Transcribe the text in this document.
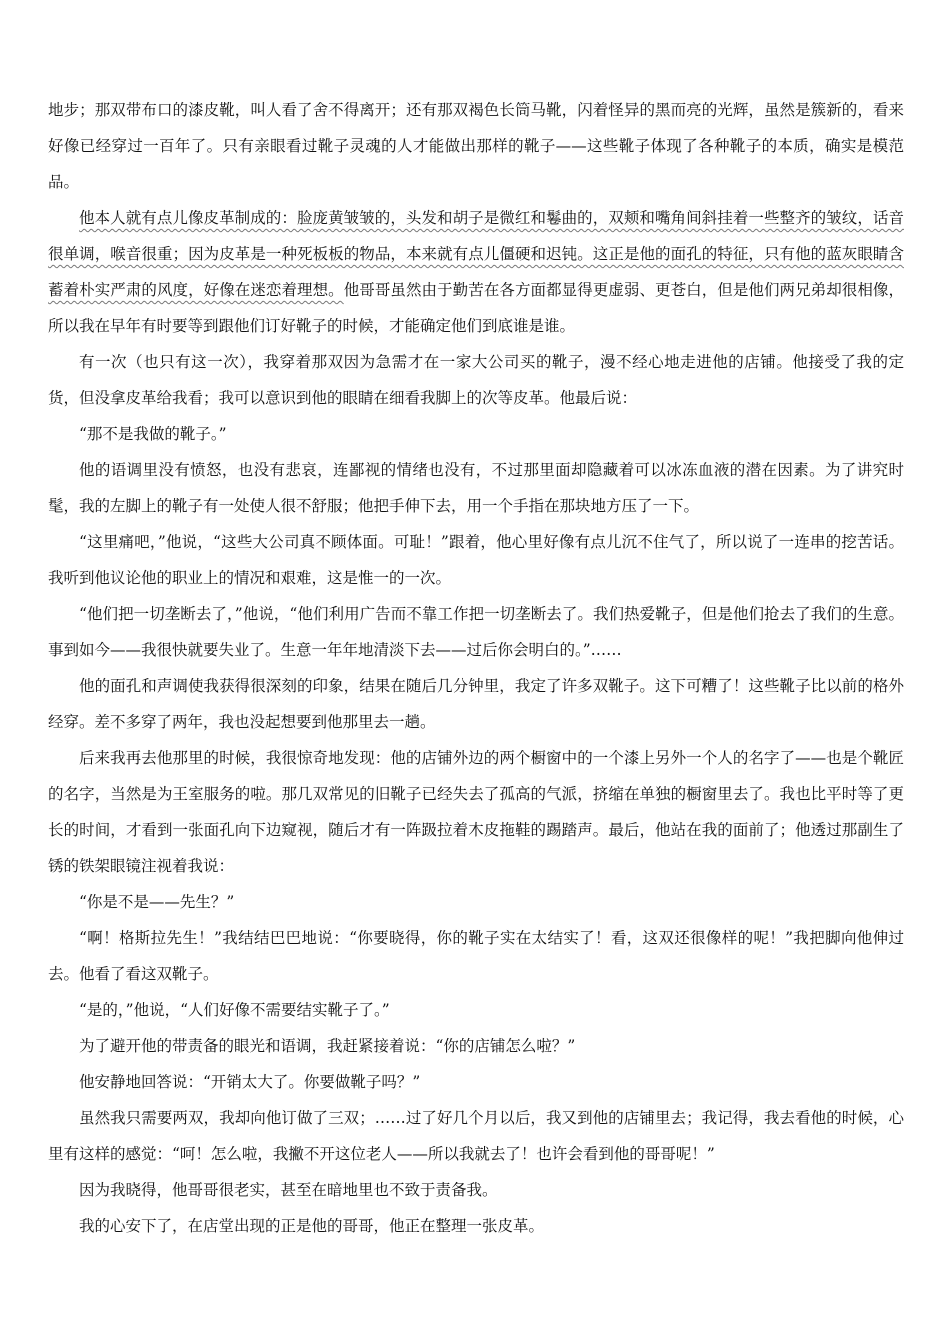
地步；那双带布口的漆皮靴，叫人看了舍不得离开；还有那双褐色长筒马靴，闪着怪异的黑而亮的光辉，虽然是簇新的，看来好像已经穿过一百年了。只有亲眼看过靴子灵魂的人才能做出那样的靴子——这些靴子体现了各种靴子的本质，确实是模范品。

他本人就有点儿像皮革制成的：脸庞黄皱皱的，头发和胡子是微红和鬈曲的，双颊和嘴角间斜挂着一些整齐的皱纹，话音很单调，喉音很重；因为皮革是一种死板板的物品，本来就有点儿僵硬和迟钝。这正是他的面孔的特征，只有他的蓝灰眼睛含蓄着朴实严肃的风度，好像在迷恋着理想。他哥哥虽然由于勤苦在各方面都显得更虚弱、更苍白，但是他们两兄弟却很相像，所以我在早年有时要等到跟他们订好靴子的时候，才能确定他们到底谁是谁。

有一次（也只有这一次），我穿着那双因为急需才在一家大公司买的靴子，漫不经心地走进他的店铺。他接受了我的定货，但没拿皮革给我看；我可以意识到他的眼睛在细看我脚上的次等皮革。他最后说：

“那不是我做的靴子。”

他的语调里没有愤怒，也没有悲哀，连鄙视的情绪也没有，不过那里面却隐藏着可以冰冻血液的潜在因素。为了讲究时髦，我的左脚上的靴子有一处使人很不舒服；他把手伸下去，用一个手指在那块地方压了一下。

“这里痛吧，”他说，“这些大公司真不顾体面。可耻！”跟着，他心里好像有点儿沉不住气了，所以说了一连串的挖苦话。我听到他议论他的职业上的情况和艰难，这是惟一的一次。

“他们把一切垄断去了，”他说，“他们利用广告而不靠工作把一切垄断去了。我们热爱靴子，但是他们抢去了我们的生意。事到如今——我很快就要失业了。生意一年年地清淡下去——过后你会明白的。”……

他的面孔和声调使我获得很深刻的印象，结果在随后几分钟里，我定了许多双靴子。这下可糟了！这些靴子比以前的格外经穿。差不多穿了两年，我也没起想要到他那里去一趟。

后来我再去他那里的时候，我很惊奇地发现：他的店铺外边的两个橱窗中的一个漆上另外一个人的名字了——也是个靴匠的名字，当然是为王室服务的啦。那几双常见的旧靴子已经失去了孤高的气派，挤缩在单独的橱窗里去了。我也比平时等了更长的时间，才看到一张面孔向下边窥视，随后才有一阵趿拉着木皮拖鞋的踢踏声。最后，他站在我的面前了；他透过那副生了锈的铁架眼镜注视着我说：

“你是不是——先生？”

“啊！格斯拉先生！”我结结巴巴地说：“你要晓得，你的靴子实在太结实了！看，这双还很像样的呢！”我把脚向他伸过去。他看了看这双靴子。

“是的，”他说，“人们好像不需要结实靴子了。”

为了避开他的带责备的眼光和语调，我赶紧接着说：“你的店铺怎么啦？”

他安静地回答说：“开销太大了。你要做靴子吗？”

虽然我只需要两双，我却向他订做了三双；……过了好几个月以后，我又到他的店铺里去；我记得，我去看他的时候，心里有这样的感觉：“呵！怎么啦，我撇不开这位老人——所以我就去了！也许会看到他的哥哥呢！”

因为我晓得，他哥哥很老实，甚至在暗地里也不致于责备我。

我的心安下了，在店堂出现的正是他的哥哥，他正在整理一张皮革。
